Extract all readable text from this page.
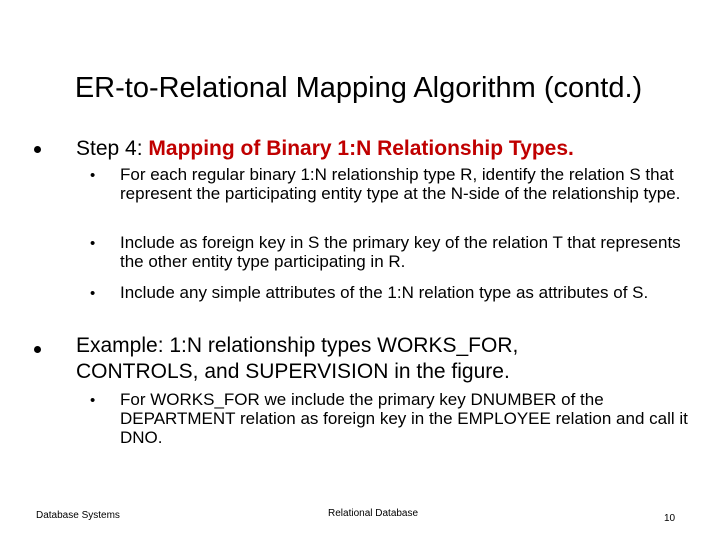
ER-to-Relational Mapping Algorithm (contd.)
Step 4: Mapping of Binary 1:N Relationship Types.
• For each regular binary 1:N relationship type R, identify the relation S that represent the participating entity type at the N-side of the relationship type.
• Include as foreign key in S the primary key of the relation T that represents the other entity type participating in R.
• Include any simple attributes of the 1:N relation type as attributes of S.
Example: 1:N relationship types WORKS_FOR, CONTROLS, and SUPERVISION in the figure.
• For WORKS_FOR we include the primary key DNUMBER of the DEPARTMENT relation as foreign key in the EMPLOYEE relation and call it DNO.
Database Systems	Relational Database	10
